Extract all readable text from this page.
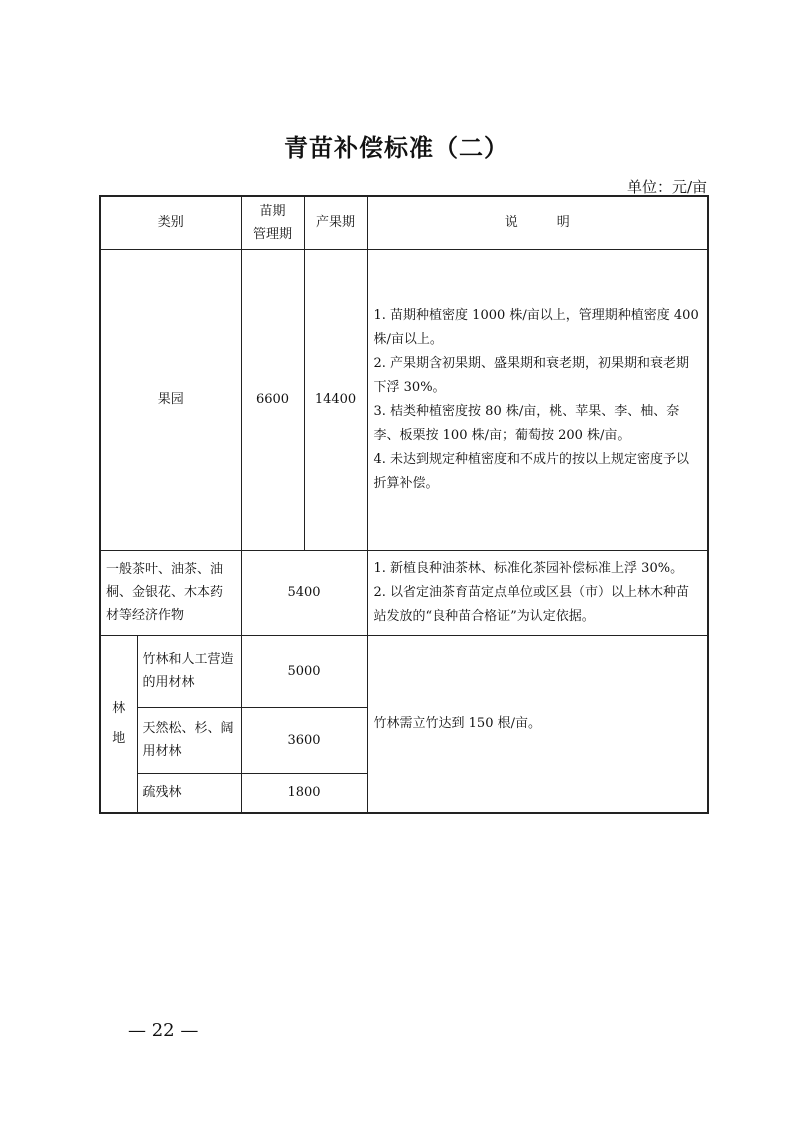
青苗补偿标准（二）
单位：元/亩
类别		苗期
管理期	产果期	说　　　明
果园		6600	14400	1. 苗期种植密度 1000 株/亩以上，管理期种植密度 400 株/亩以上。

2. 产果期含初果期、盛果期和衰老期，初果期和衰老期下浮 30%。

3. 桔类种植密度按 80 株/亩，桃、苹果、李、柚、奈李、板栗按 100 株/亩；葡萄按 200 株/亩。

4. 未达到规定种植密度和不成片的按以上规定密度予以折算补偿。

一般茶叶、油茶、油桐、金银花、木本药材等经济作物		5400		1. 新植良种油茶林、标准化茶园补偿标准上浮 30%。

2. 以省定油茶育苗定点单位或区县（市）以上林木种苗站发放的“良种苗合格证”为认定依据。

林
地	竹林和人工营造的用材林	5000		竹林需立竹达到 150 根/亩。
	天然松、杉、阔用材林	3600		
	疏残林	1800		
— 22 —
